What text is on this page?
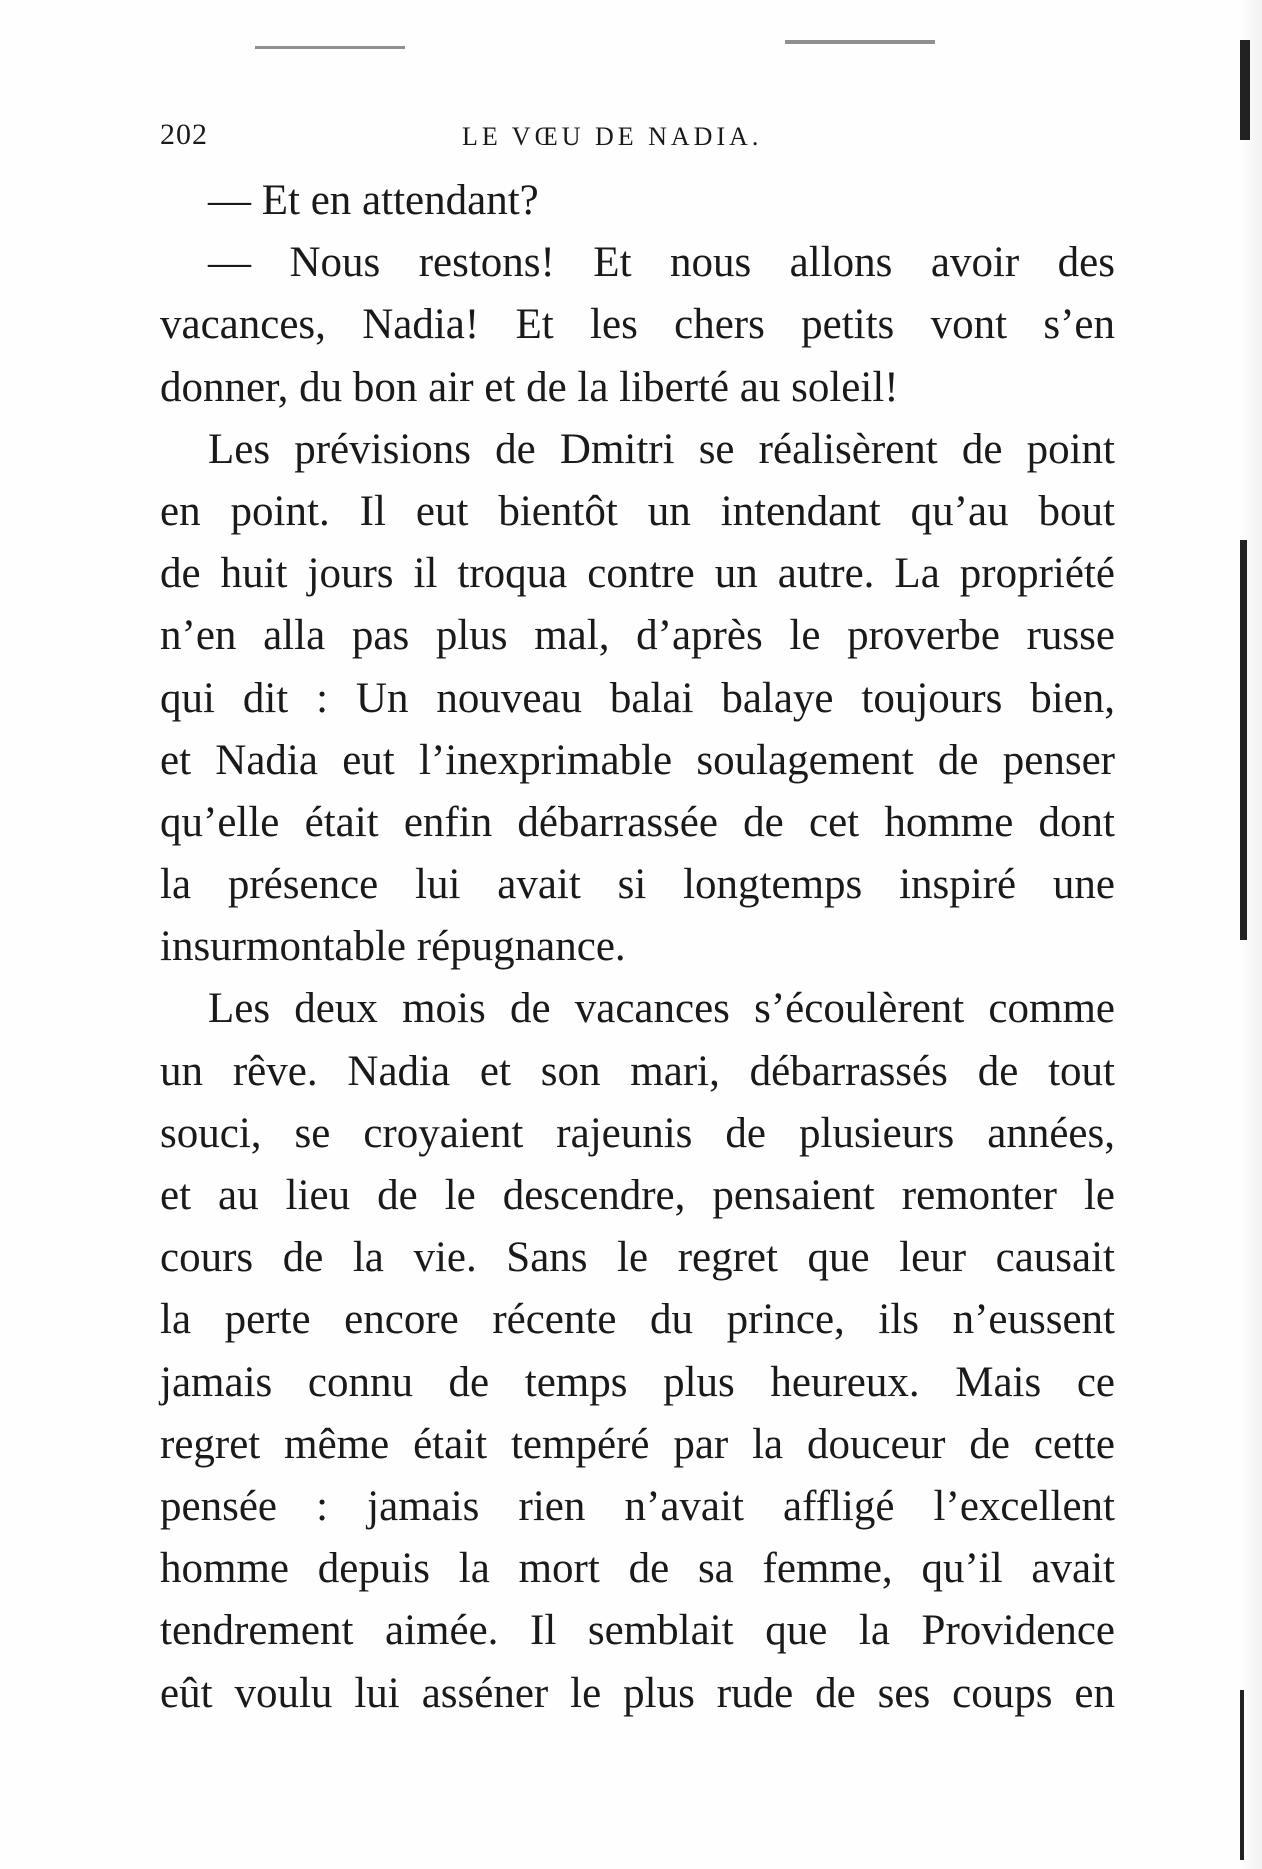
202	LE VŒU DE NADIA.
— Et en attendant?
— Nous restons! Et nous allons avoir des
vacances, Nadia! Et les chers petits vont s’en
donner, du bon air et de la liberté au soleil!
Les prévisions de Dmitri se réalisèrent de point
en point. Il eut bientôt un intendant qu’au bout
de huit jours il troqua contre un autre. La propriété
n’en alla pas plus mal, d’après le proverbe russe
qui dit : Un nouveau balai balaye toujours bien,
et Nadia eut l’inexprimable soulagement de penser
qu’elle était enfin débarrassée de cet homme dont
la présence lui avait si longtemps inspiré une
insurmontable répugnance.
Les deux mois de vacances s’écoulèrent comme
un rêve. Nadia et son mari, débarrassés de tout
souci, se croyaient rajeunis de plusieurs années,
et au lieu de le descendre, pensaient remonter le
cours de la vie. Sans le regret que leur causait
la perte encore récente du prince, ils n’eussent
jamais connu de temps plus heureux. Mais ce
regret même était tempéré par la douceur de cette
pensée : jamais rien n’avait affligé l’excellent
homme depuis la mort de sa femme, qu’il avait
tendrement aimée. Il semblait que la Providence
eût voulu lui asséner le plus rude de ses coups en
